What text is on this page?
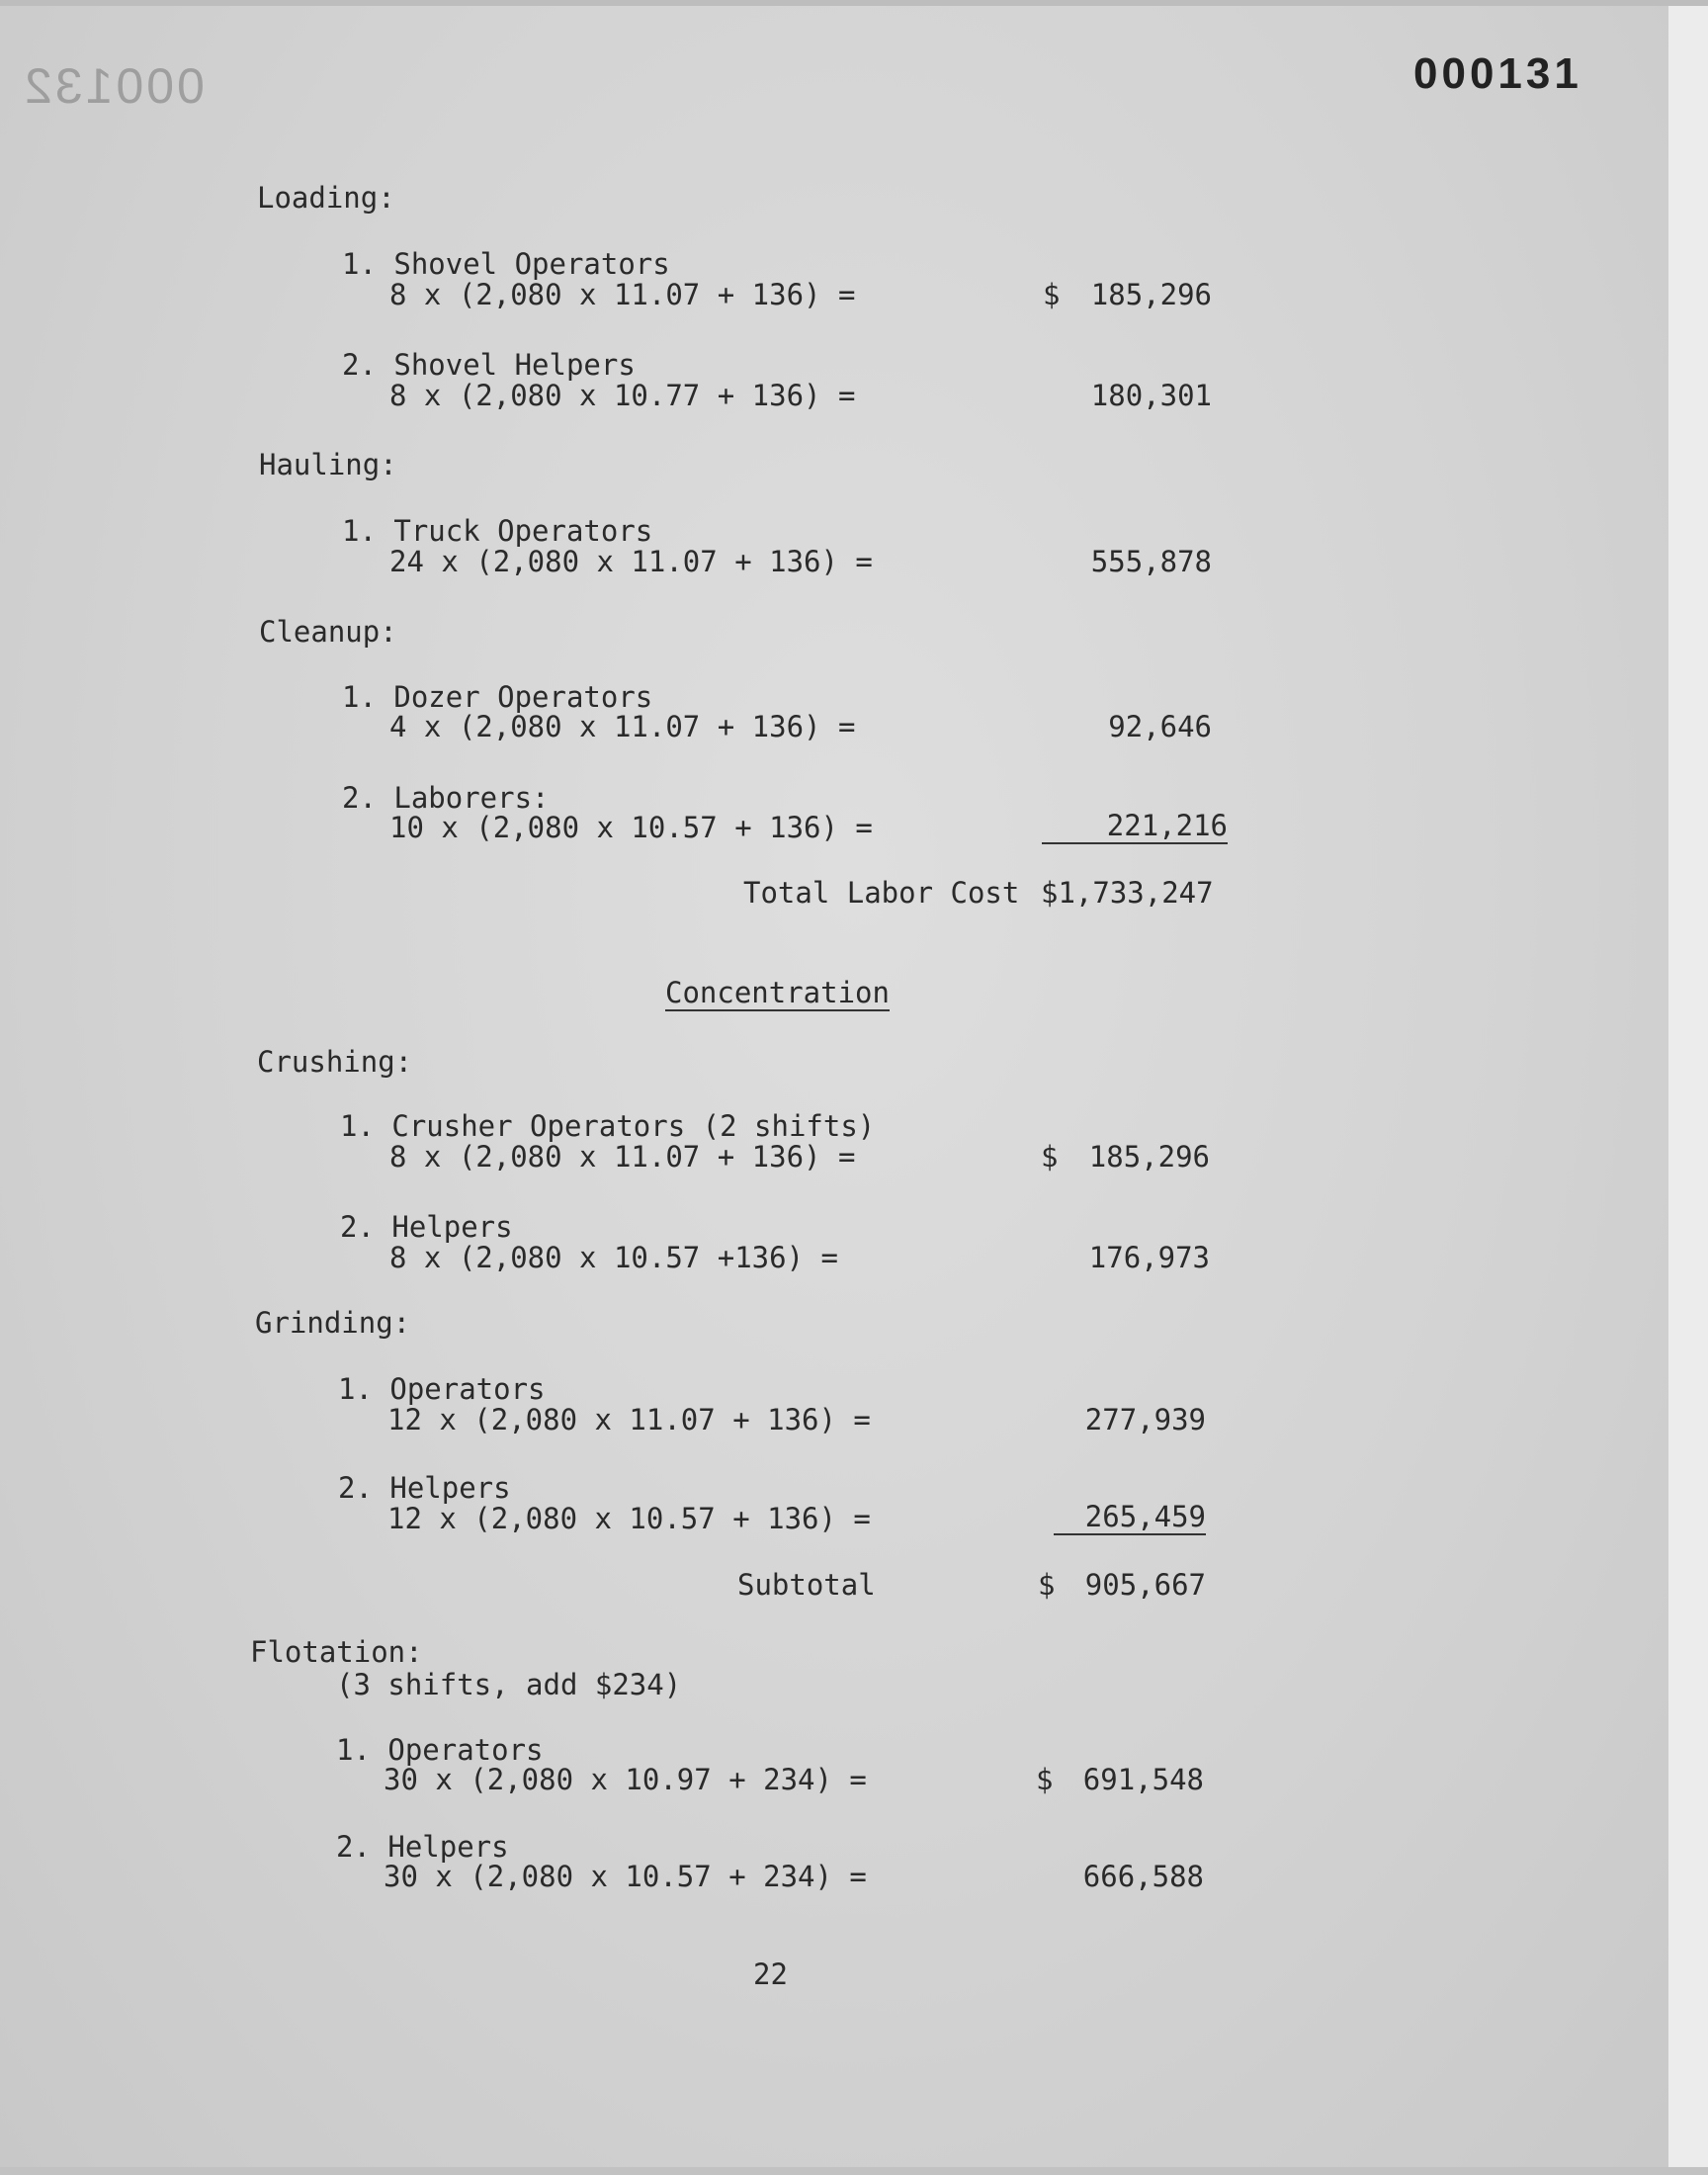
000132	000131
Loading:
1. Shovel Operators
8 x (2,080 x 11.07 + 136) =	$	185,296
2. Shovel Helpers
8 x (2,080 x 10.77 + 136) =	180,301
Hauling:
1. Truck Operators
24 x (2,080 x 11.07 + 136) =	555,878
Cleanup:
1. Dozer Operators
4 x (2,080 x 11.07 + 136) =	92,646
2. Laborers:
10 x (2,080 x 10.57 + 136) =	221,216
Total Labor Cost $1,733,247
Concentration
Crushing:
1. Crusher Operators (2 shifts)
8 x (2,080 x 11.07 + 136) =	$	185,296
2. Helpers
8 x (2,080 x 10.57 +136) =	176,973
Grinding:
1. Operators
12 x (2,080 x 11.07 + 136) =	277,939
2. Helpers
12 x (2,080 x 10.57 + 136) =	265,459
Subtotal	$	905,667
Flotation:
(3 shifts, add $234)
1. Operators
30 x (2,080 x 10.97 + 234) =	$	691,548
2. Helpers
30 x (2,080 x 10.57 + 234) =	666,588
22
